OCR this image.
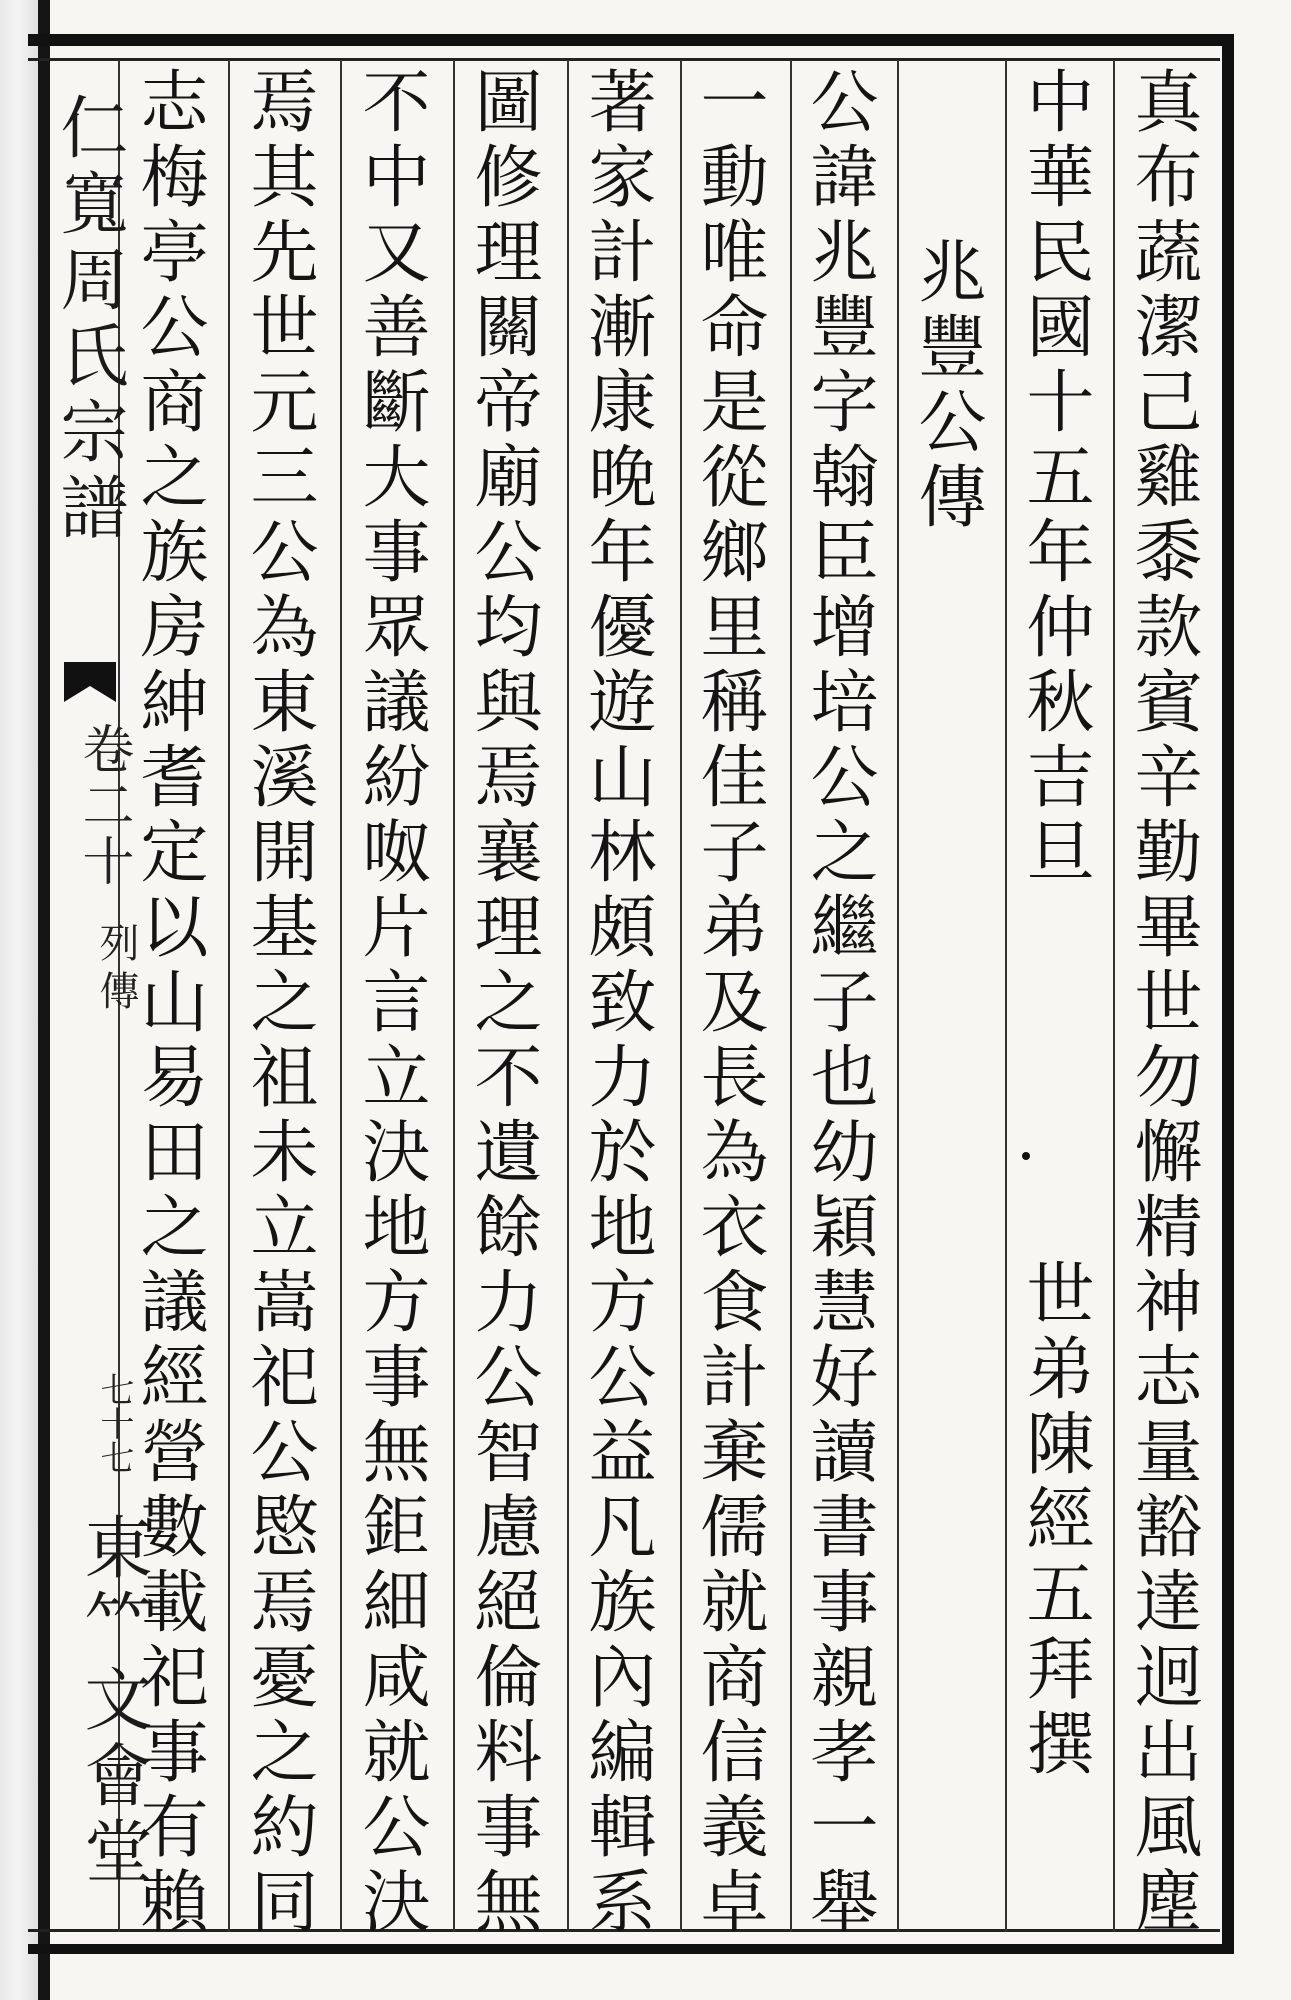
仁寬周氏宗譜
卷二十
列傳
七十七
東𥫗文會堂	真布蔬潔己雞黍款賓辛勤畢世勿懈精神志量豁達迥出風塵
中華民國十五年仲秋吉旦
世弟陳經五拜撰
兆豐公傳
公諱兆豐字翰臣增培公之繼子也幼穎慧好讀書事親孝一舉
一動唯命是從鄉里稱佳子弟及長為衣食計棄儒就商信義卓
著家計漸康晚年優遊山林頗致力於地方公益凡族內編輯系
圖修理關帝廟公均與焉襄理之不遺餘力公智慮絕倫料事無
不中又善斷大事眾議紛呶片言立決地方事無鉅細咸就公決
焉其先世元三公為東溪開基之祖未立嵩祀公愍焉憂之約同
志梅亭公商之族房紳耆定以山易田之議經營數載祀事有賴
